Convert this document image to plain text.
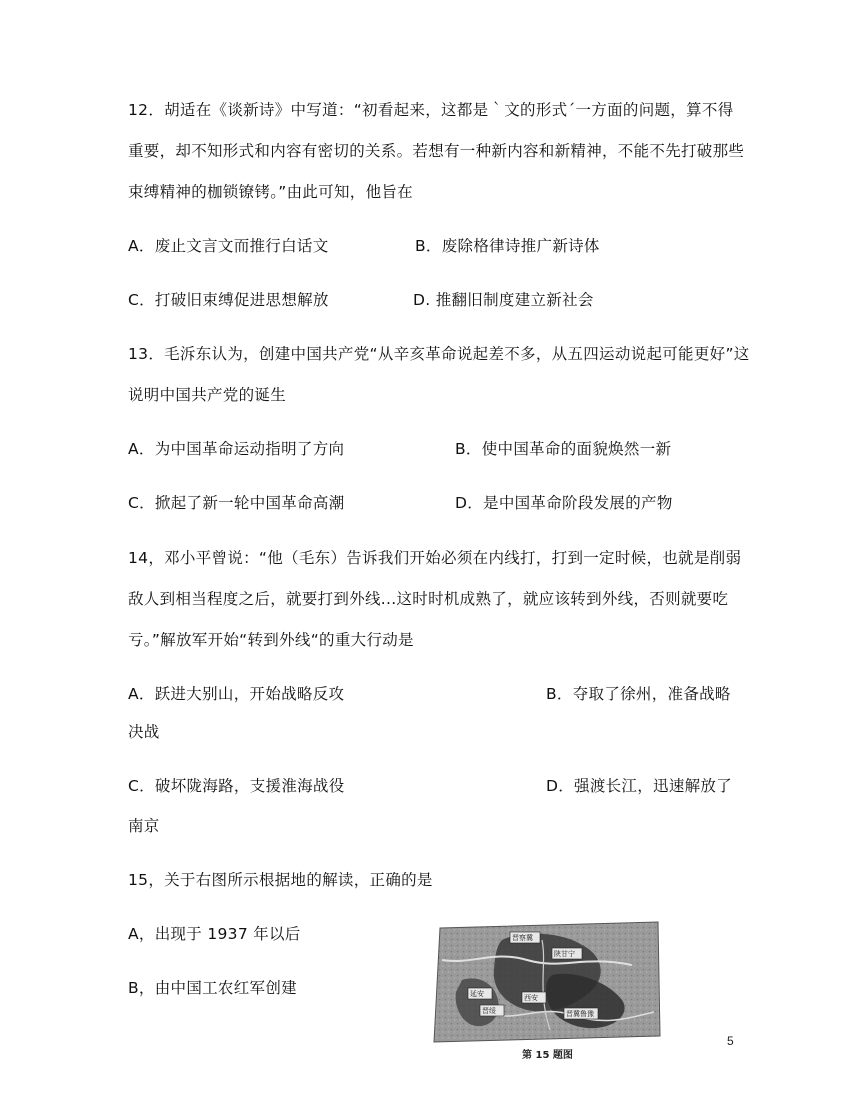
12．胡适在《谈新诗》中写道：“初看起来，这都是｀文的形式´一方面的问题，算不得
重要，却不知形式和内容有密切的关系。若想有一种新内容和新精神，不能不先打破那些
束缚精神的枷锁镣铐。”由此可知，他旨在
A．废止文言文而推行白话文	B．废除格律诗推广新诗体
C．打破旧束缚促进思想解放	D. 推翻旧制度建立新社会
13．毛泝东认为，创建中国共产党“从辛亥革命说起差不多，从五四运动说起可能更好”这
说明中国共产党的诞生
A．为中国革命运动指明了方向	B．使中国革命的面貌焕然一新
C．掀起了新一轮中国革命高潮	D．是中国革命阶段发展的产物
14，邓小平曾说：“他（毛东）告诉我们开始必须在内线打，打到一定时候，也就是削弱
敌人到相当程度之后，就要打到外线...这时时机成熟了，就应该转到外线，否则就要吃
亏。”解放军开始“转到外线“的重大行动是
A．跃进大别山，开始战略反攻	B．夺取了徐州，准备战略
决战
C．破坏陇海路，支援淮海战役	D．强渡长江，迅速解放了
南京
15，关于右图所示根据地的解读，正确的是
A，出现于 1937 年以后
B，由中国工农红军创建
晋察冀
延安
陕甘宁
晋绥	晋冀鲁豫
西安
第 15 题图
5
